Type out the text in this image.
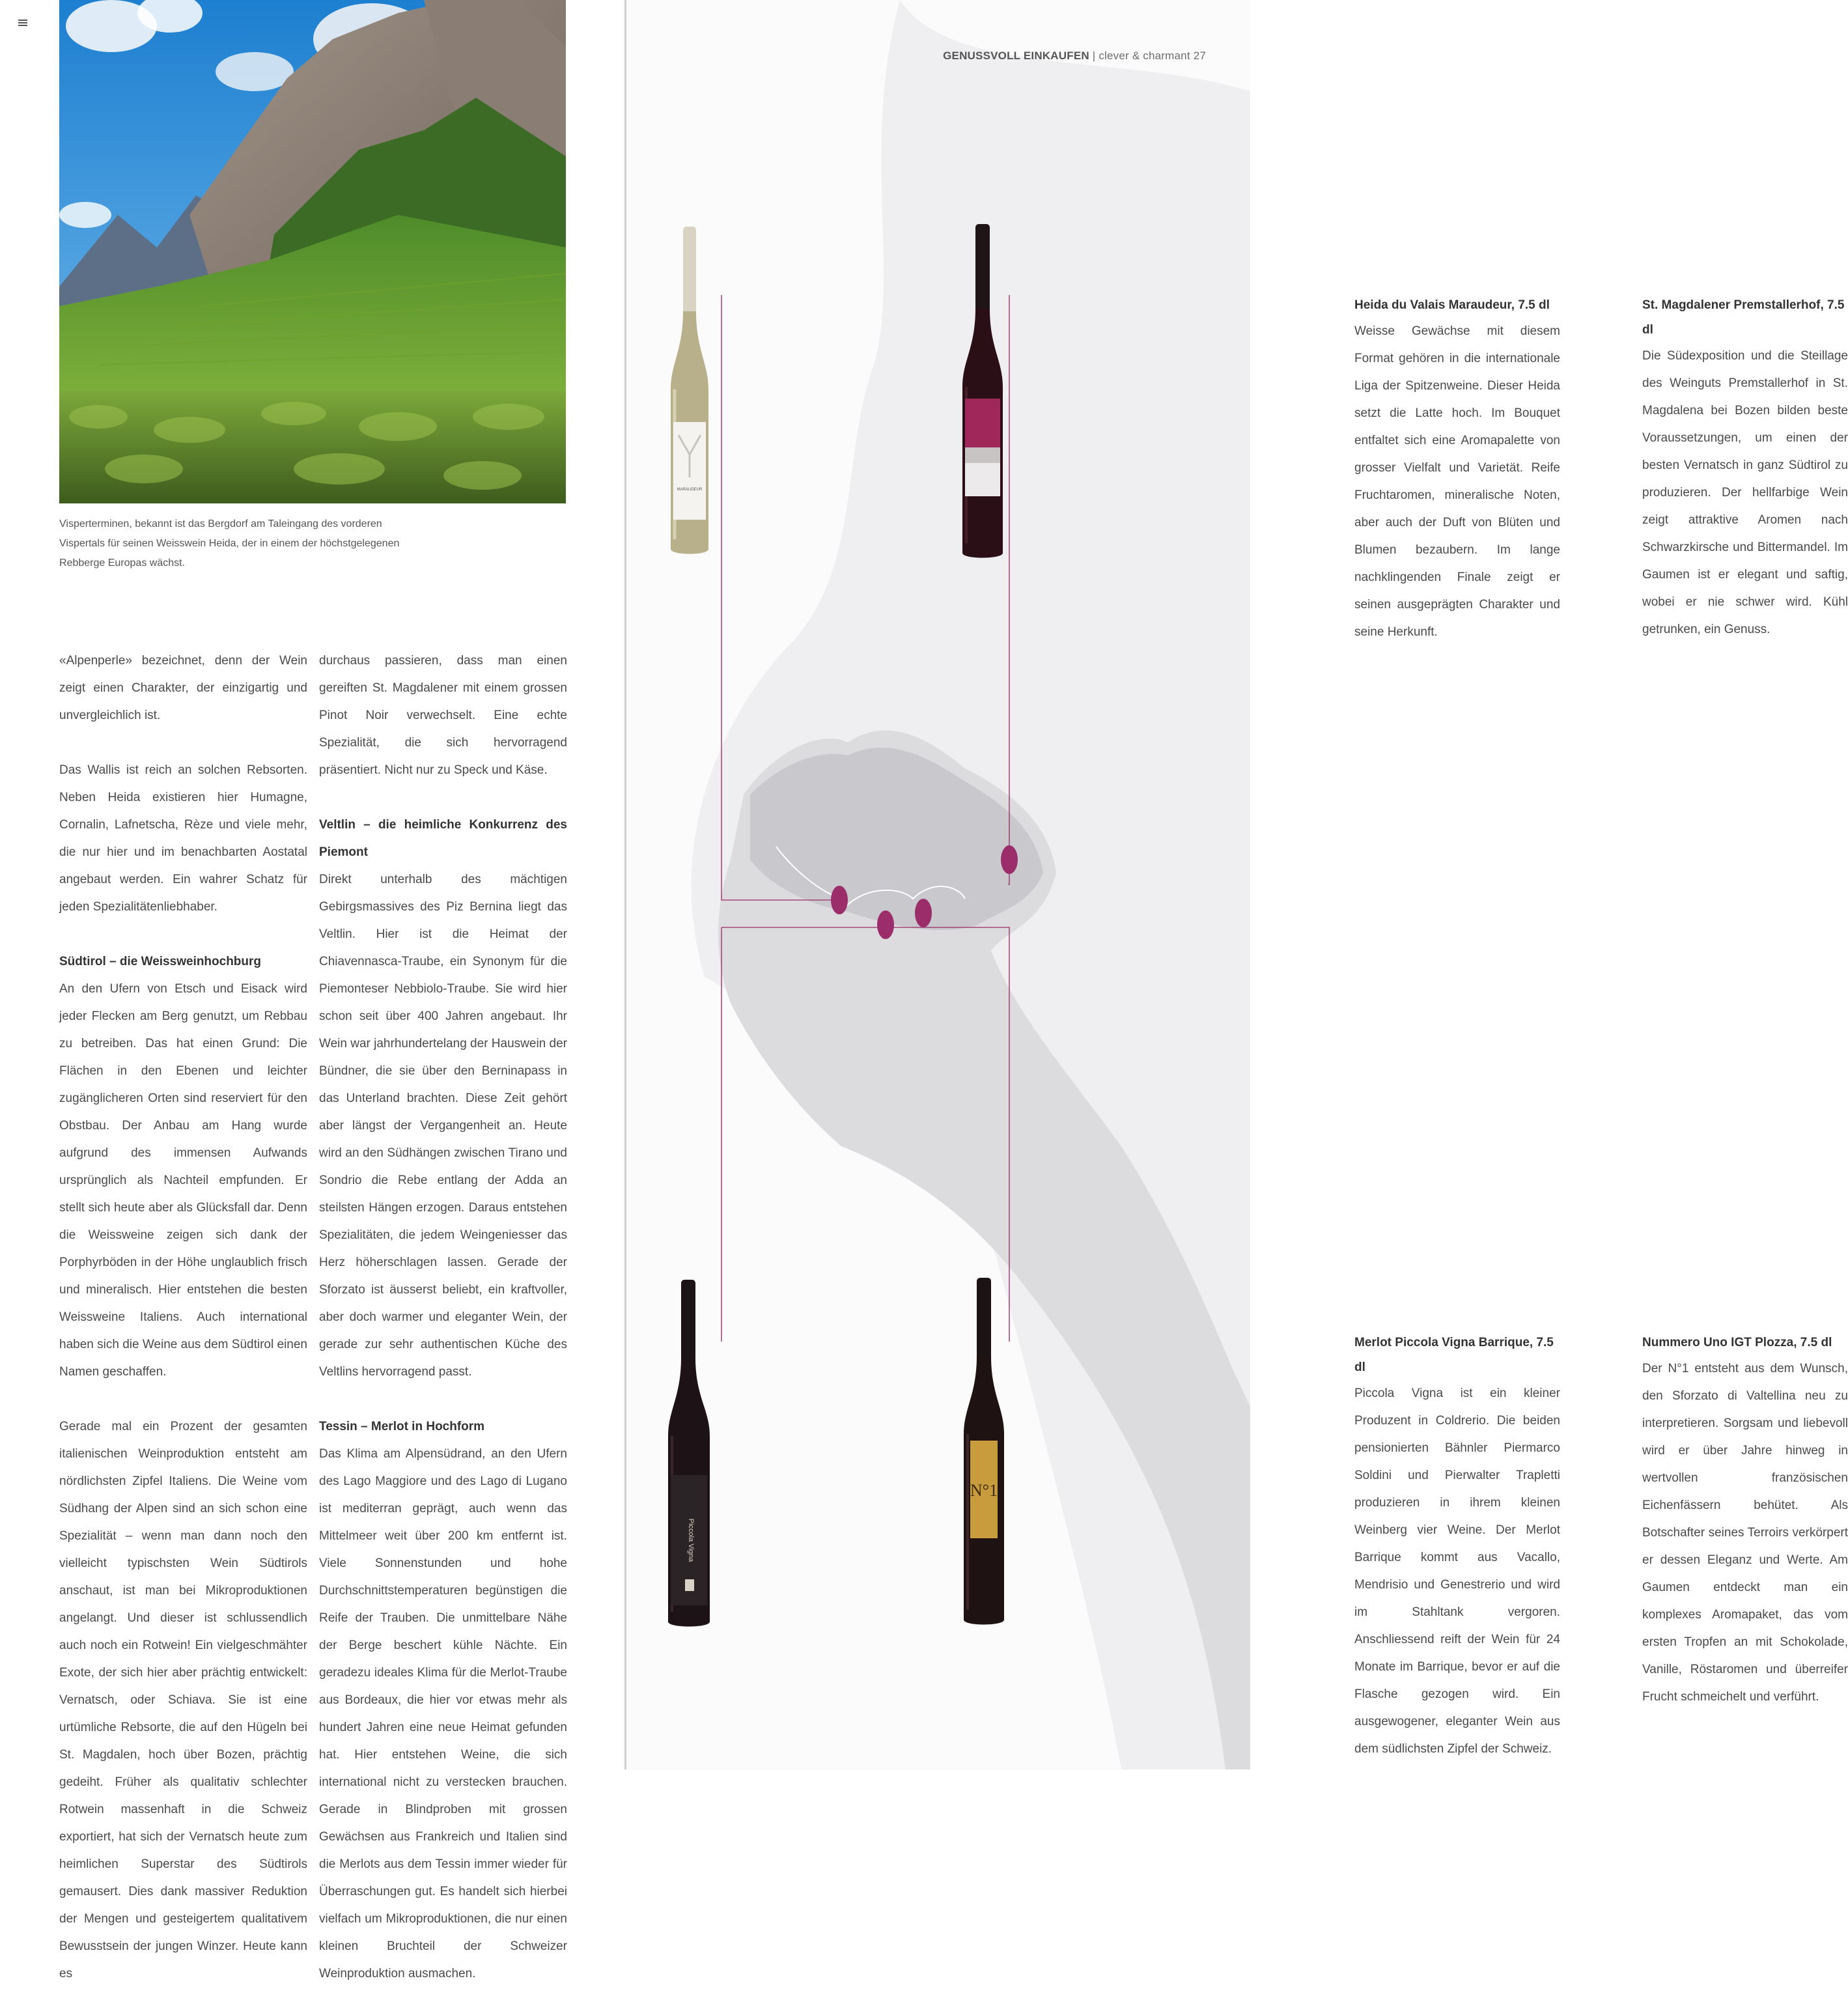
Visperterminen, bekannt ist das Bergdorf am Taleingang des vorderen Vispertals für seinen Weisswein Heida, der in einem der höchstgelegenen Rebberge Europas wächst.

«Alpenperle» bezeichnet, denn der Wein zeigt einen Charakter, der einzigartig und unvergleichlich ist.

Das Wallis ist reich an solchen Rebsorten. Neben Heida existieren hier Humagne, Cornalin, Lafnetscha, Rèze und viele mehr, die nur hier und im benachbarten Aostatal angebaut werden. Ein wahrer Schatz für jeden Spezialitätenliebhaber.

Südtirol – die Weissweinhochburg

An den Ufern von Etsch und Eisack wird jeder Flecken am Berg genutzt, um Rebbau zu betreiben. Das hat einen Grund: Die Flächen in den Ebenen und leichter zugänglicheren Orten sind reserviert für den Obstbau. Der Anbau am Hang wurde aufgrund des immensen Aufwands ursprünglich als Nachteil empfunden. Er stellt sich heute aber als Glücksfall dar. Denn die Weissweine zeigen sich dank der Porphyrböden in der Höhe unglaublich frisch und mineralisch. Hier entstehen die besten Weissweine Italiens. Auch international haben sich die Weine aus dem Südtirol einen Namen geschaffen.

Gerade mal ein Prozent der gesamten italienischen Weinproduktion entsteht am nördlichsten Zipfel Italiens. Die Weine vom Südhang der Alpen sind an sich schon eine Spezialität – wenn man dann noch den vielleicht typischsten Wein Südtirols anschaut, ist man bei Mikroproduktionen angelangt. Und dieser ist schlussendlich auch noch ein Rotwein! Ein vielgeschmähter Exote, der sich hier aber prächtig entwickelt: Vernatsch, oder Schiava. Sie ist eine urtümliche Rebsorte, die auf den Hügeln bei St. Magdalen, hoch über Bozen, prächtig gedeiht. Früher als qualitativ schlechter Rotwein massenhaft in die Schweiz exportiert, hat sich der Vernatsch heute zum heimlichen Superstar des Südtirols gemausert. Dies dank massiver Reduktion der Mengen und gesteigertem qualitativem Bewusstsein der jungen Winzer. Heute kann es

durchaus passieren, dass man einen gereiften St. Magdalener mit einem grossen Pinot Noir verwechselt. Eine echte Spezialität, die sich hervorragend präsentiert. Nicht nur zu Speck und Käse.

Veltlin – die heimliche Konkurrenz des Piemont

Direkt unterhalb des mächtigen Gebirgsmassives des Piz Bernina liegt das Veltlin. Hier ist die Heimat der Chiavennasca-Traube, ein Synonym für die Piemonteser Nebbiolo-Traube. Sie wird hier schon seit über 400 Jahren angebaut. Ihr Wein war jahrhundertelang der Hauswein der Bündner, die sie über den Berninapass in das Unterland brachten. Diese Zeit gehört aber längst der Vergangenheit an. Heute wird an den Südhängen zwischen Tirano und Sondrio die Rebe entlang der Adda an steilsten Hängen erzogen. Daraus entstehen Spezialitäten, die jedem Weingeniesser das Herz höherschlagen lassen. Gerade der Sforzato ist äusserst beliebt, ein kraftvoller, aber doch warmer und eleganter Wein, der gerade zur sehr authentischen Küche des Veltlins hervorragend passt.

Tessin – Merlot in Hochform

Das Klima am Alpensüdrand, an den Ufern des Lago Maggiore und des Lago di Lugano ist mediterran geprägt, auch wenn das Mittelmeer weit über 200 km entfernt ist. Viele Sonnenstunden und hohe Durchschnittstemperaturen begünstigen die Reife der Trauben. Die unmittelbare Nähe der Berge beschert kühle Nächte. Ein geradezu ideales Klima für die Merlot-Traube aus Bordeaux, die hier vor etwas mehr als hundert Jahren eine neue Heimat gefunden hat. Hier entstehen Weine, die sich international nicht zu verstecken brauchen. Gerade in Blindproben mit grossen Gewächsen aus Frankreich und Italien sind die Merlots aus dem Tessin immer wieder für Überraschungen gut. Es handelt sich hierbei vielfach um Mikroproduktionen, die nur einen kleinen Bruchteil der Schweizer Weinproduktion ausmachen.

GENUSSVOLL EINKAUFEN | clever & charmant 27
MARAUDEUR
Piccola Vigna
N°1
Heida du Valais Maraudeur, 7.5 dl

Weisse Gewächse mit diesem Format gehören in die internationale Liga der Spitzenweine. Dieser Heida setzt die Latte hoch. Im Bouquet entfaltet sich eine Aromapalette von grosser Vielfalt und Varietät. Reife Fruchtaromen, mineralische Noten, aber auch der Duft von Blüten und Blumen bezaubern. Im lange nachklingenden Finale zeigt er seinen ausgeprägten Charakter und seine Herkunft.

St. Magdalener Premstallerhof, 7.5 dl

Die Südexposition und die Steillage des Weinguts Premstallerhof in St. Magdalena bei Bozen bilden beste Voraussetzungen, um einen der besten Vernatsch in ganz Südtirol zu produzieren. Der hellfarbige Wein zeigt attraktive Aromen nach Schwarzkirsche und Bittermandel. Im Gaumen ist er elegant und saftig, wobei er nie schwer wird. Kühl getrunken, ein Genuss.

Merlot Piccola Vigna Barrique, 7.5 dl

Piccola Vigna ist ein kleiner Produzent in Coldrerio. Die beiden pensionierten Bähnler Piermarco Soldini und Pierwalter Trapletti produzieren in ihrem kleinen Weinberg vier Weine. Der Merlot Barrique kommt aus Vacallo, Mendrisio und Genestrerio und wird im Stahltank vergoren. Anschliessend reift der Wein für 24 Monate im Barrique, bevor er auf die Flasche gezogen wird. Ein ausgewogener, eleganter Wein aus dem südlichsten Zipfel der Schweiz.

Nummero Uno IGT Plozza, 7.5 dl

Der N°1 entsteht aus dem Wunsch, den Sforzato di Valtellina neu zu interpretieren. Sorgsam und liebevoll wird er über Jahre hinweg in wertvollen französischen Eichenfässern behütet. Als Botschafter seines Terroirs verkörpert er dessen Eleganz und Werte. Am Gaumen entdeckt man ein komplexes Aromapaket, das vom ersten Tropfen an mit Schokolade, Vanille, Röstaromen und überreifer Frucht schmeichelt und verführt.
